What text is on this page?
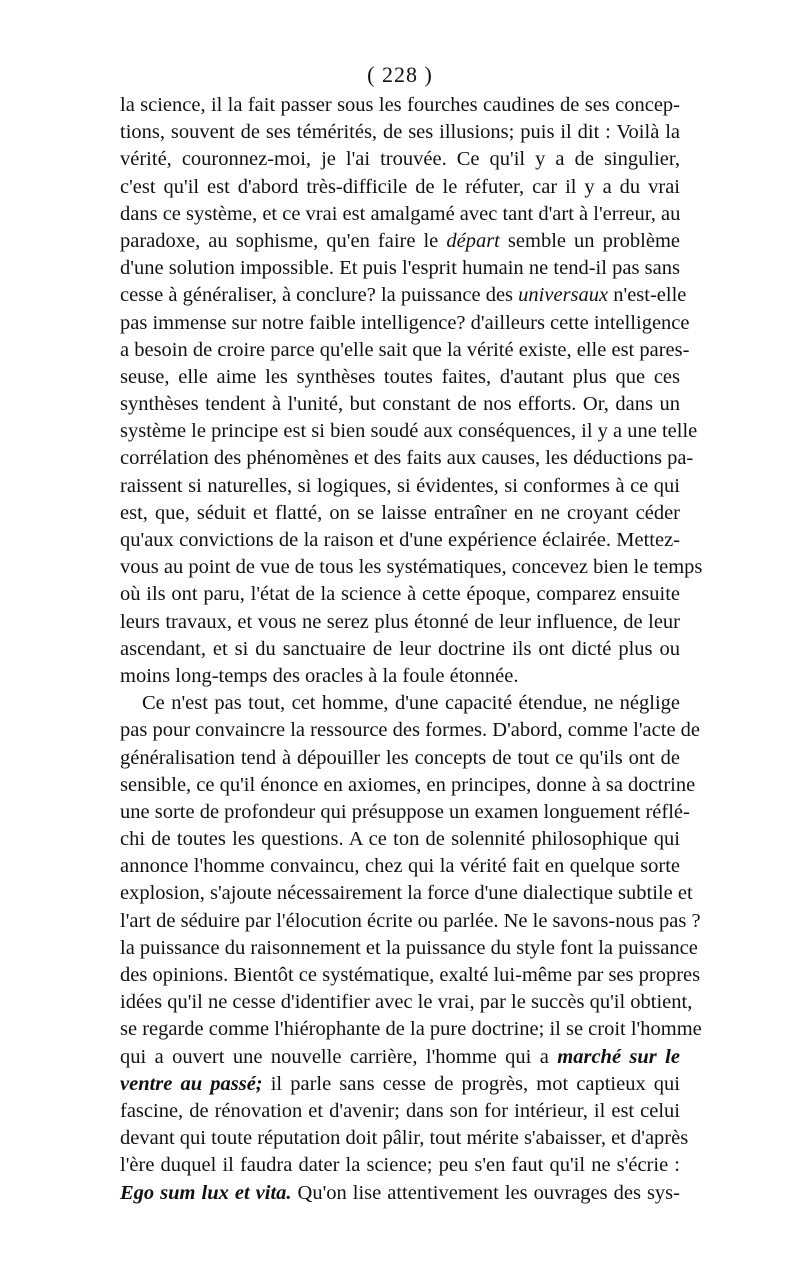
( 228 )
la science, il la fait passer sous les fourches caudines de ses concep-
tions, souvent de ses témérités, de ses illusions; puis il dit : Voilà la
vérité, couronnez-moi, je l'ai trouvée. Ce qu'il y a de singulier,
c'est qu'il est d'abord très-difficile de le réfuter, car il y a du vrai
dans ce système, et ce vrai est amalgamé avec tant d'art à l'erreur, au
paradoxe, au sophisme, qu'en faire le départ semble un problème
d'une solution impossible. Et puis l'esprit humain ne tend-il pas sans
cesse à généraliser, à conclure? la puissance des universaux n'est-elle
pas immense sur notre faible intelligence? d'ailleurs cette intelligence
a besoin de croire parce qu'elle sait que la vérité existe, elle est pares-
seuse, elle aime les synthèses toutes faites, d'autant plus que ces
synthèses tendent à l'unité, but constant de nos efforts. Or, dans un
système le principe est si bien soudé aux conséquences, il y a une telle
corrélation des phénomènes et des faits aux causes, les déductions pa-
raissent si naturelles, si logiques, si évidentes, si conformes à ce qui
est, que, séduit et flatté, on se laisse entraîner en ne croyant céder
qu'aux convictions de la raison et d'une expérience éclairée. Mettez-
vous au point de vue de tous les systématiques, concevez bien le temps
où ils ont paru, l'état de la science à cette époque, comparez ensuite
leurs travaux, et vous ne serez plus étonné de leur influence, de leur
ascendant, et si du sanctuaire de leur doctrine ils ont dicté plus ou
moins long-temps des oracles à la foule étonnée.
Ce n'est pas tout, cet homme, d'une capacité étendue, ne néglige
pas pour convaincre la ressource des formes. D'abord, comme l'acte de
généralisation tend à dépouiller les concepts de tout ce qu'ils ont de
sensible, ce qu'il énonce en axiomes, en principes, donne à sa doctrine
une sorte de profondeur qui présuppose un examen longuement réflé-
chi de toutes les questions. A ce ton de solennité philosophique qui
annonce l'homme convaincu, chez qui la vérité fait en quelque sorte
explosion, s'ajoute nécessairement la force d'une dialectique subtile et
l'art de séduire par l'élocution écrite ou parlée. Ne le savons-nous pas ?
la puissance du raisonnement et la puissance du style font la puissance
des opinions. Bientôt ce systématique, exalté lui-même par ses propres
idées qu'il ne cesse d'identifier avec le vrai, par le succès qu'il obtient,
se regarde comme l'hiérophante de la pure doctrine; il se croit l'homme
qui a ouvert une nouvelle carrière, l'homme qui a marché sur le
ventre au passé; il parle sans cesse de progrès, mot captieux qui
fascine, de rénovation et d'avenir; dans son for intérieur, il est celui
devant qui toute réputation doit pâlir, tout mérite s'abaisser, et d'après
l'ère duquel il faudra dater la science; peu s'en faut qu'il ne s'écrie :
Ego sum lux et vita. Qu'on lise attentivement les ouvrages des sys-
